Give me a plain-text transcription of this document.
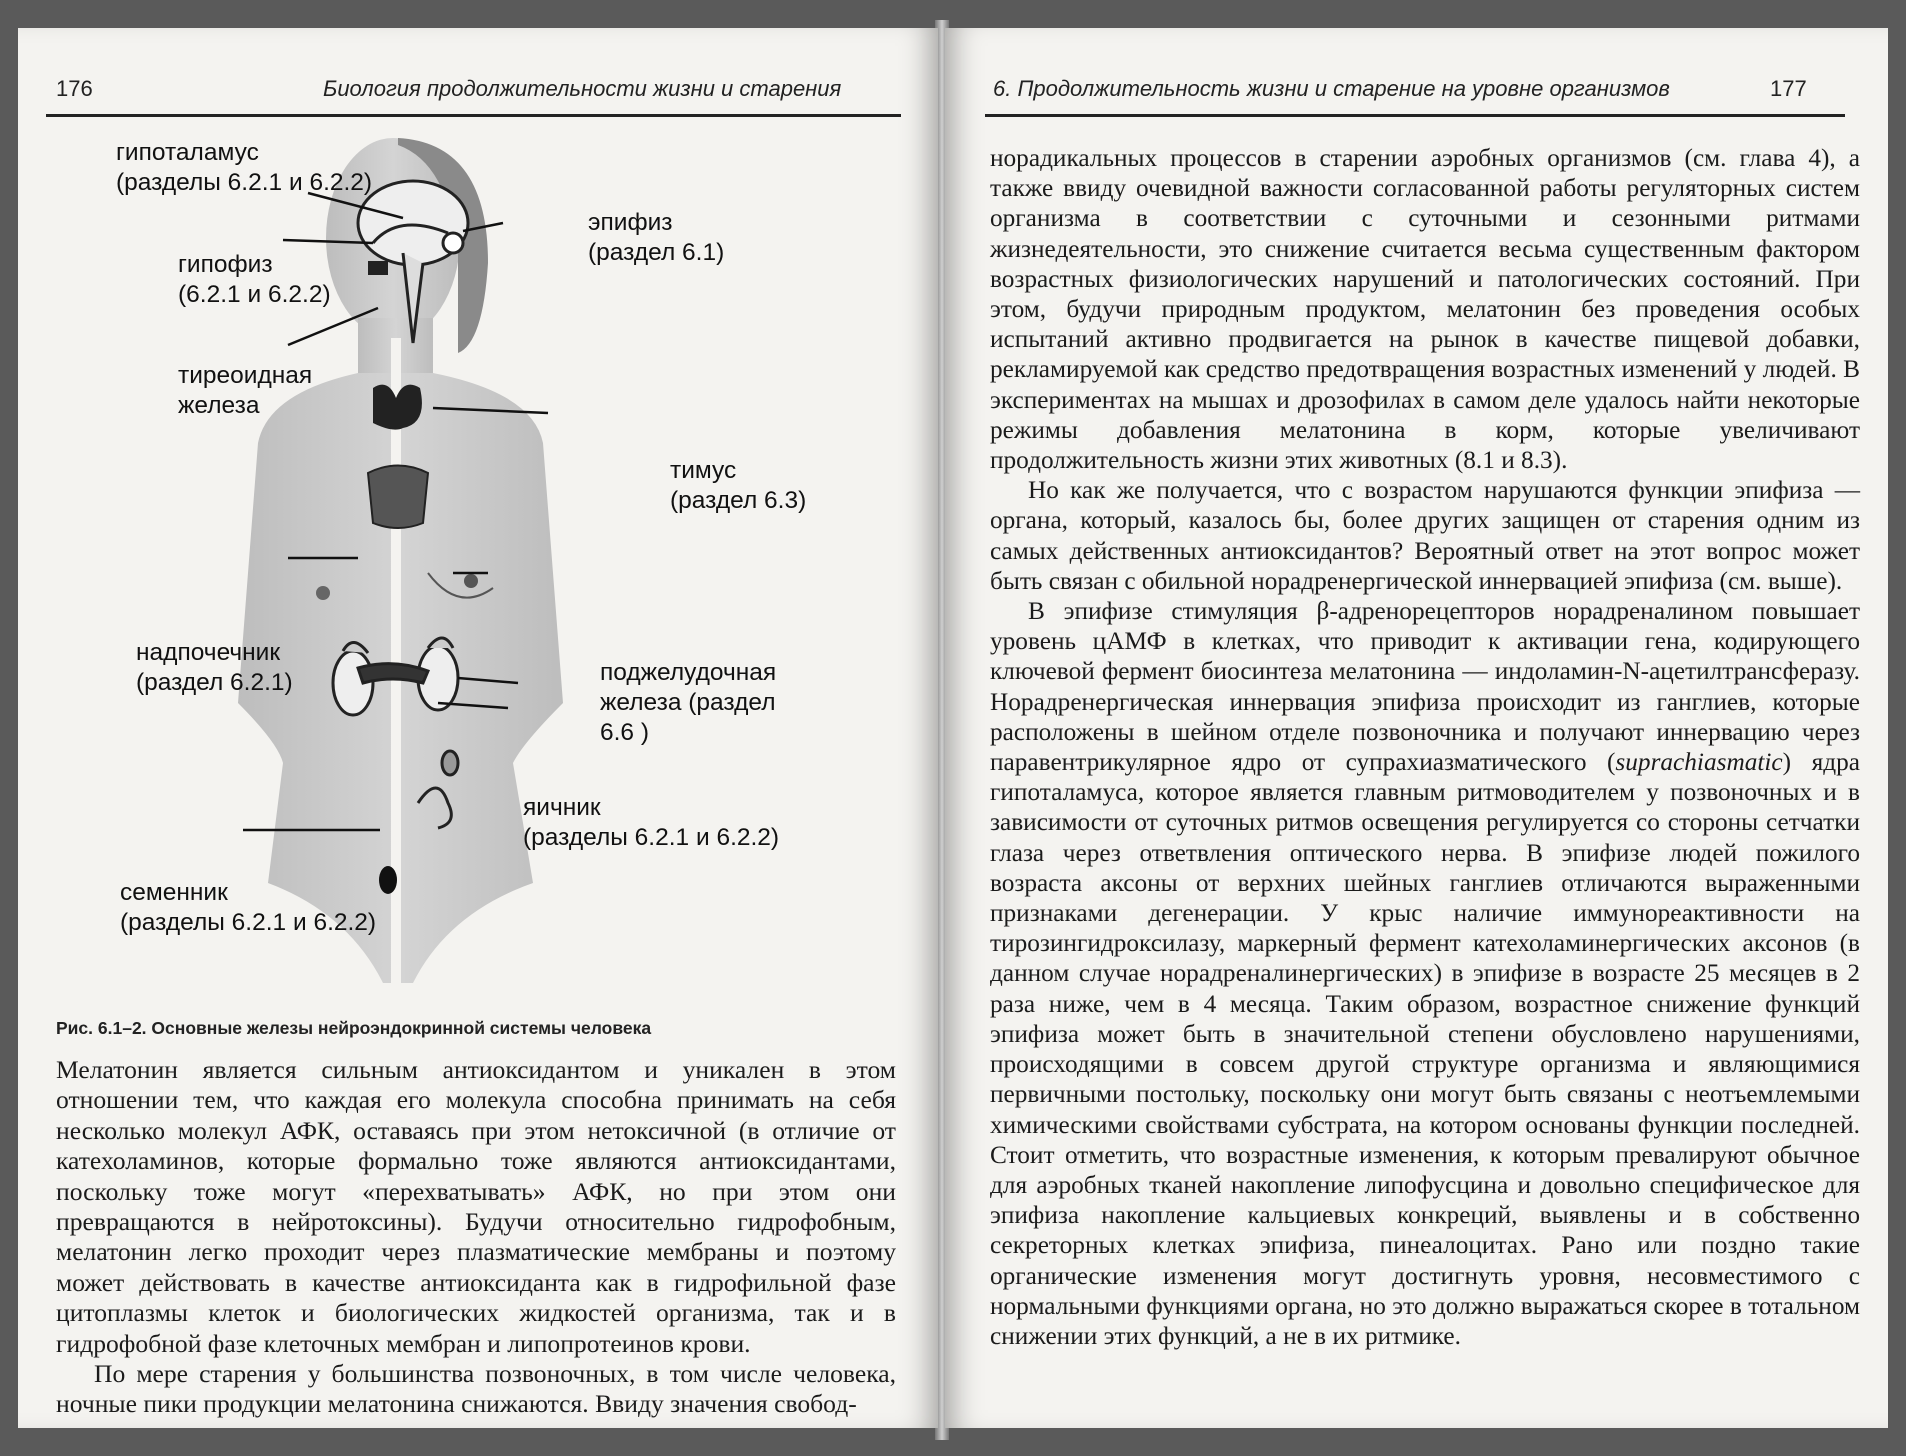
176	Биология продолжительности жизни и старения
гипоталамус
(разделы 6.2.1 и 6.2.2)
эпифиз
(раздел 6.1)
гипофиз
(6.2.1 и 6.2.2)
тиреоидная
железа
тимус
(раздел 6.3)
надпочечник
(раздел 6.2.1)	поджелудочная
железа (раздел
6.6 )
яичник
(разделы 6.2.1 и 6.2.2)
семенник
(разделы 6.2.1 и 6.2.2)
Рис. 6.1–2. Основные железы нейроэндокринной системы человека

Мелатонин является сильным антиоксидантом и уникален в этом отношении тем, что каждая его молекула способна принимать на себя несколько молекул АФК, оставаясь при этом нетоксичной (в отличие от катехоламинов, которые формально тоже являются антиоксидантами, поскольку тоже могут «перехватывать» АФК, но при этом они превращаются в нейротоксины). Будучи относительно гидрофобным, мелатонин легко проходит через плазматические мембраны и поэтому может действовать в качестве антиоксиданта как в гидрофильной фазе цитоплазмы клеток и биологических жидкостей организма, так и в гидрофобной фазе клеточных мембран и липопротеинов крови.

По мере старения у большинства позвоночных, в том числе человека, ночные пики продукции мелатонина снижаются. Ввиду значения свобод-

6. Продолжительность жизни и старение на уровне организмов	177

норадикальных процессов в старении аэробных организмов (см. глава 4), а также ввиду очевидной важности согласованной работы регуляторных систем организма в соответствии с суточными и сезонными ритмами жизнедеятельности, это снижение считается весьма существенным фактором возрастных физиологических нарушений и патологических состояний. При этом, будучи природным продуктом, мелатонин без проведения особых испытаний активно продвигается на рынок в качестве пищевой добавки, рекламируемой как средство предотвращения возрастных изменений у людей. В экспериментах на мышах и дрозофилах в самом деле удалось найти некоторые режимы добавления мелатонина в корм, которые увеличивают продолжительность жизни этих животных (8.1 и 8.3).

Но как же получается, что с возрастом нарушаются функции эпифиза — органа, который, казалось бы, более других защищен от старения одним из самых действенных антиоксидантов? Вероятный ответ на этот вопрос может быть связан с обильной норадренергической иннервацией эпифиза (см. выше).

В эпифизе стимуляция β-адренорецепторов норадреналином повышает уровень цАМФ в клетках, что приводит к активации гена, кодирующего ключевой фермент биосинтеза мелатонина — индоламин-N-ацетилтрансферазу. Норадренергическая иннервация эпифиза происходит из ганглиев, которые расположены в шейном отделе позвоночника и получают иннервацию через паравентрикулярное ядро от супрахиазматического (suprachiasmatic) ядра гипоталамуса, которое является главным ритмоводителем у позвоночных и в зависимости от суточных ритмов освещения регулируется со стороны сетчатки глаза через ответвления оптического нерва. В эпифизе людей пожилого возраста аксоны от верхних шейных ганглиев отличаются выраженными признаками дегенерации. У крыс наличие иммунореактивности на тирозингидроксилазу, маркерный фермент катехоламинергических аксонов (в данном случае норадреналинергических) в эпифизе в возрасте 25 месяцев в 2 раза ниже, чем в 4 месяца. Таким образом, возрастное снижение функций эпифиза может быть в значительной степени обусловлено нарушениями, происходящими в совсем другой структуре организма и являющимися первичными постольку, поскольку они могут быть связаны с неотъемлемыми химическими свойствами субстрата, на котором основаны функции последней. Стоит отметить, что возрастные изменения, к которым превалируют обычное для аэробных тканей накопление липофусцина и довольно специфическое для эпифиза накопление кальциевых конкреций, выявлены и в собственно секреторных клетках эпифиза, пинеалоцитах. Рано или поздно такие органические изменения могут достигнуть уровня, несовместимого с нормальными функциями органа, но это должно выражаться скорее в тотальном снижении этих функций, а не в их ритмике.
